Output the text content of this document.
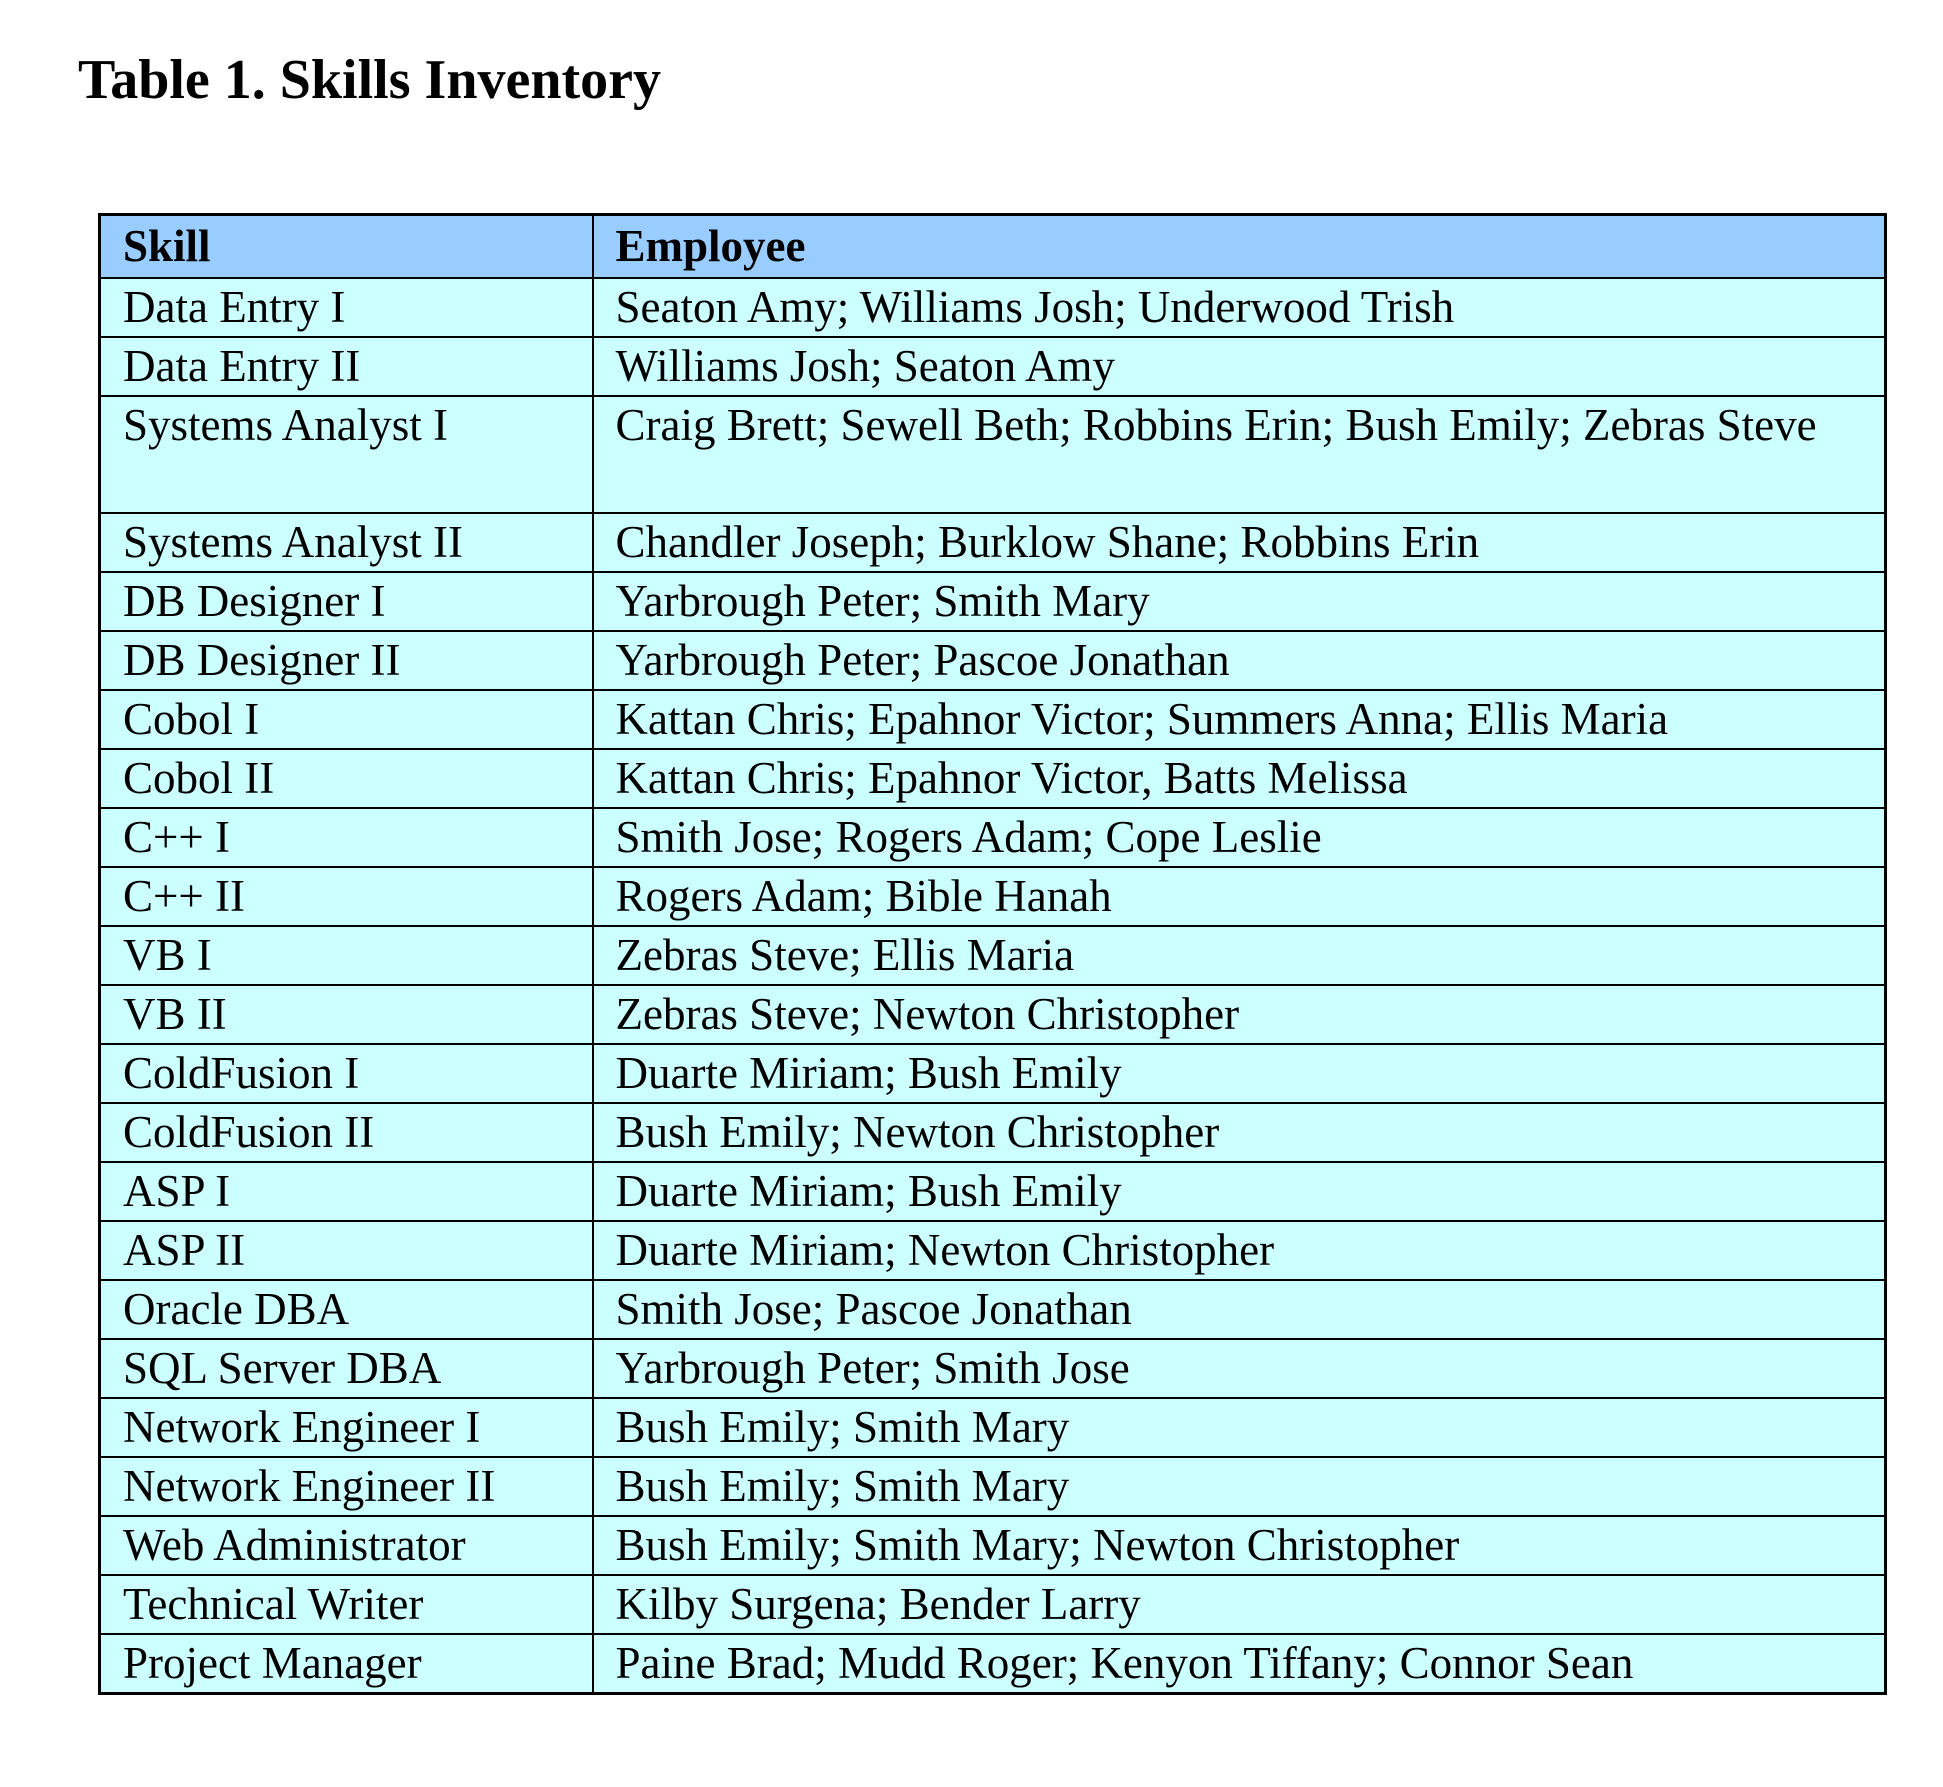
Table 1. Skills Inventory
Skill	Employee
Data Entry I	Seaton Amy; Williams Josh; Underwood Trish
Data Entry II	Williams Josh; Seaton Amy
Systems Analyst I	Craig Brett; Sewell Beth; Robbins Erin; Bush Emily; Zebras Steve
Systems Analyst II	Chandler Joseph; Burklow Shane; Robbins Erin
DB Designer I	Yarbrough Peter; Smith Mary
DB Designer II	Yarbrough Peter; Pascoe Jonathan
Cobol I	Kattan Chris; Epahnor Victor; Summers Anna; Ellis Maria
Cobol II	Kattan Chris; Epahnor Victor, Batts Melissa
C++ I	Smith Jose; Rogers Adam; Cope Leslie
C++ II	Rogers Adam; Bible Hanah
VB I	Zebras Steve; Ellis Maria
VB II	Zebras Steve; Newton Christopher
ColdFusion I	Duarte Miriam; Bush Emily
ColdFusion II	Bush Emily; Newton Christopher
ASP I	Duarte Miriam; Bush Emily
ASP II	Duarte Miriam; Newton Christopher
Oracle DBA	Smith Jose; Pascoe Jonathan
SQL Server DBA	Yarbrough Peter; Smith Jose
Network Engineer I	Bush Emily; Smith Mary
Network Engineer II	Bush Emily; Smith Mary
Web Administrator	Bush Emily; Smith Mary; Newton Christopher
Technical Writer	Kilby Surgena; Bender Larry
Project Manager	Paine Brad; Mudd Roger; Kenyon Tiffany; Connor Sean
